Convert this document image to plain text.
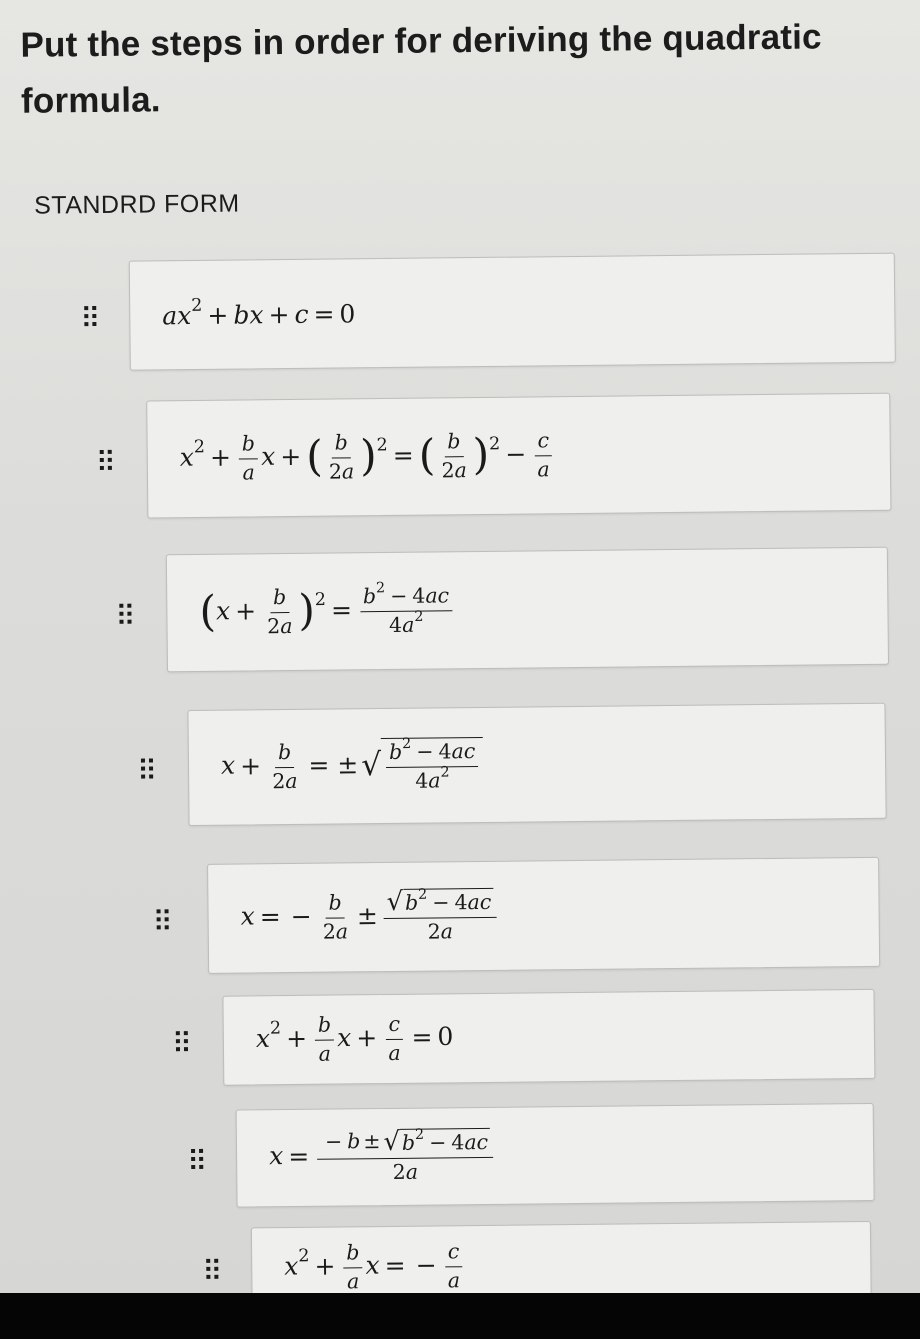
Put the steps in order for deriving the quadratic
formula.
STANDRD FORM
$ax^2$ + bx + c = 0
$x^2 + \frac{b}{a}$ x + ( $\frac{b}{2a} )^2$ = ( $\frac{b}{2a} )^2 - \frac{c}{a}$
$(x + \frac{b}{2a} )^2 = \frac{b^2 - 4ac}{4a^2}$
$x + \frac{b}{2a}$ = ± √ $\frac{b^2 - 4ac}{4a^2}$
x = − $\frac{b}{2a} \pm \frac{√ b^2 - 4ac}{2a}$
$x^2 + \frac{b}{a}$ $x + \frac{c}{a} = 0$
$x = \frac{- b \pm √ b^2 - 4ac}{2a}$
$x^2 + \frac{b}{a}$ x = − $\frac{c}{a}$
